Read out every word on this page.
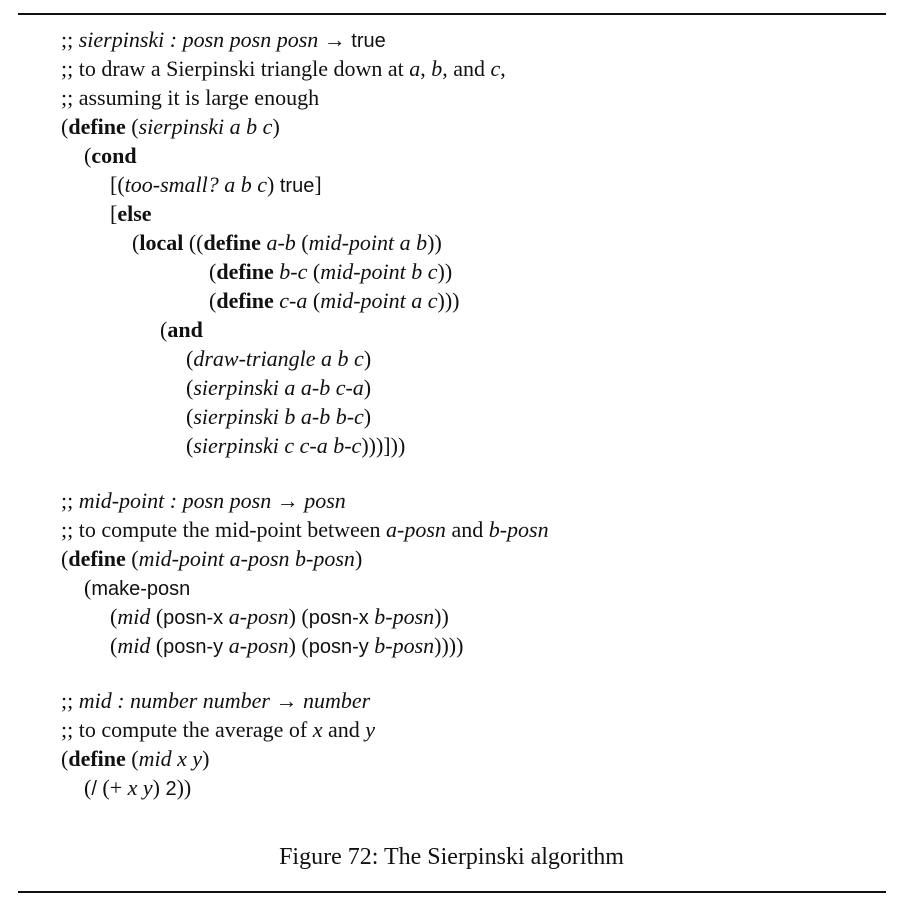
;; sierpinski : posn posn posn → true
;; to draw a Sierpinski triangle down at a, b, and c,
;; assuming it is large enough
(define (sierpinski a b c)
(cond
[(too-small? a b c) true]
[else
(local ((define a-b (mid-point a b))
(define b-c (mid-point b c))
(define c-a (mid-point a c)))
(and
(draw-triangle a b c)
(sierpinski a a-b c-a)
(sierpinski b a-b b-c)
(sierpinski c c-a b-c)))]))
;; mid-point : posn posn → posn
;; to compute the mid-point between a-posn and b-posn
(define (mid-point a-posn b-posn)
(make-posn
(mid (posn-x a-posn) (posn-x b-posn))
(mid (posn-y a-posn) (posn-y b-posn))))
;; mid : number number → number
;; to compute the average of x and y
(define (mid x y)
(/ (+ x y) 2))
Figure 72: The Sierpinski algorithm
